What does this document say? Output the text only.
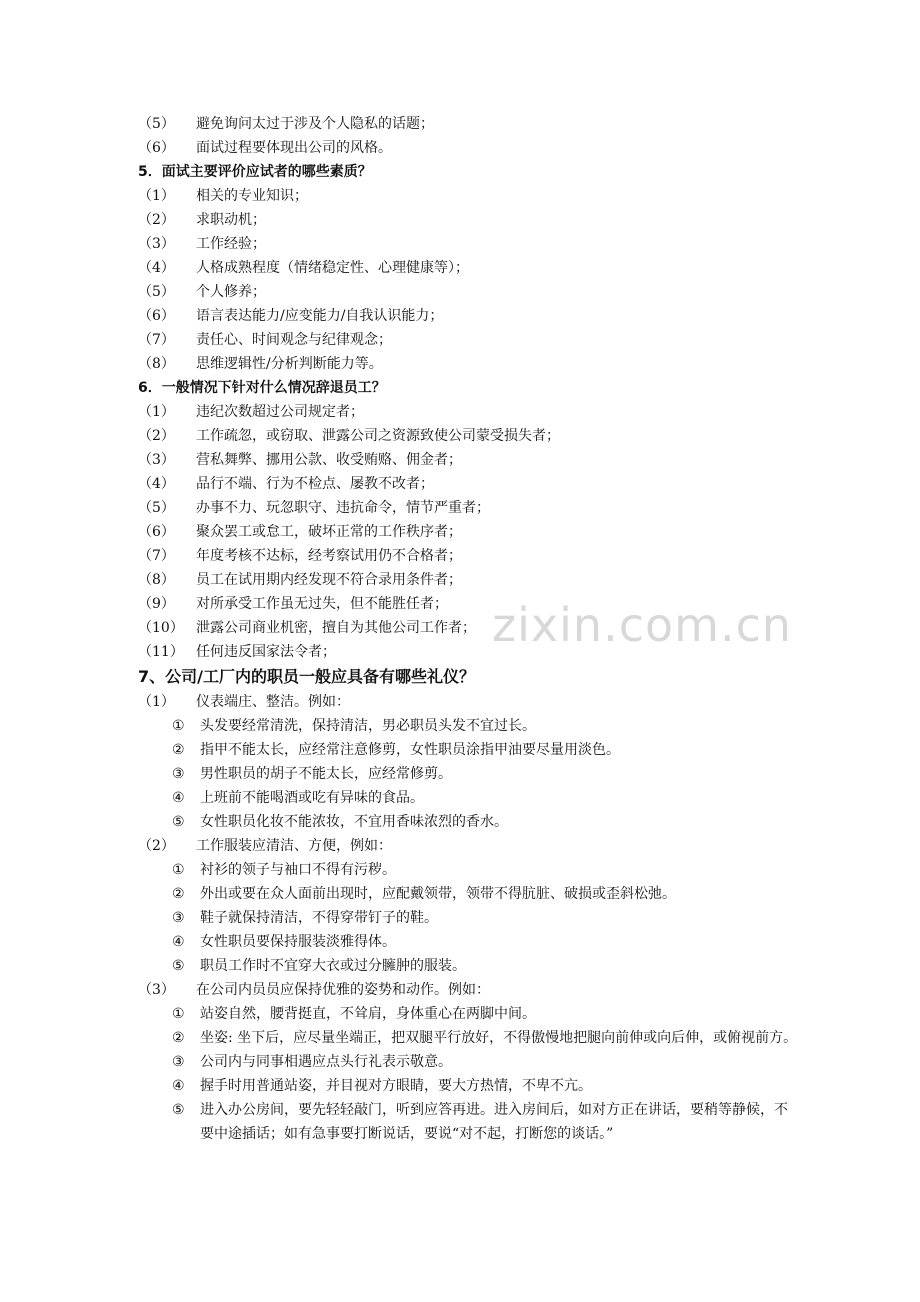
（5） 避免询问太过于涉及个人隐私的话题；
（6） 面试过程要体现出公司的风格。
5．面试主要评价应试者的哪些素质？
（1） 相关的专业知识；
（2） 求职动机；
（3） 工作经验；
（4） 人格成熟程度（情绪稳定性、心理健康等）；
（5） 个人修养；
（6） 语言表达能力/应变能力/自我认识能力；
（7） 责任心、时间观念与纪律观念；
（8） 思维逻辑性/分析判断能力等。
6．一般情况下针对什么情况辞退员工？
（1） 违纪次数超过公司规定者；
（2） 工作疏忽，或窃取、泄露公司之资源致使公司蒙受损失者；
（3） 营私舞弊、挪用公款、收受贿赂、佣金者；
（4） 品行不端、行为不检点、屡教不改者；
（5） 办事不力、玩忽职守、违抗命令，情节严重者；
（6） 聚众罢工或怠工，破坏正常的工作秩序者；
（7） 年度考核不达标，经考察试用仍不合格者；
（8） 员工在试用期内经发现不符合录用条件者；
（9） 对所承受工作虽无过失，但不能胜任者；
（10） 泄露公司商业机密，擅自为其他公司工作者；
（11） 任何违反国家法令者；
7、公司/工厂内的职员一般应具备有哪些礼仪？
（1） 仪表端庄、整洁。例如：
① 头发要经常清洗，保持清洁，男必职员头发不宜过长。
② 指甲不能太长，应经常注意修剪，女性职员涂指甲油要尽量用淡色。
③ 男性职员的胡子不能太长，应经常修剪。
④ 上班前不能喝酒或吃有异味的食品。
⑤ 女性职员化妆不能浓妆，不宜用香味浓烈的香水。
（2） 工作服装应清洁、方便，例如：
① 衬衫的领子与袖口不得有污秽。
② 外出或要在众人面前出现时，应配戴领带，领带不得肮脏、破损或歪斜松弛。
③ 鞋子就保持清洁，不得穿带钉子的鞋。
④ 女性职员要保持服装淡雅得体。
⑤ 职员工作时不宜穿大衣或过分臃肿的服装。
（3） 在公司内员员应保持优雅的姿势和动作。例如：
① 站姿自然，腰背挺直，不耸肩，身体重心在两脚中间。
② 坐姿: 坐下后，应尽量坐端正，把双腿平行放好，不得傲慢地把腿向前伸或向后伸，或俯视前方。
③ 公司内与同事相遇应点头行礼表示敬意。
④ 握手时用普通站姿，并目视对方眼睛，要大方热情，不卑不亢。
⑤ 进入办公房间，要先轻轻敲门，听到应答再进。进入房间后，如对方正在讲话，要稍等静候，不要中途插话；如有急事要打断说话，要说“对不起，打断您的谈话。”
zixin.com.cn
